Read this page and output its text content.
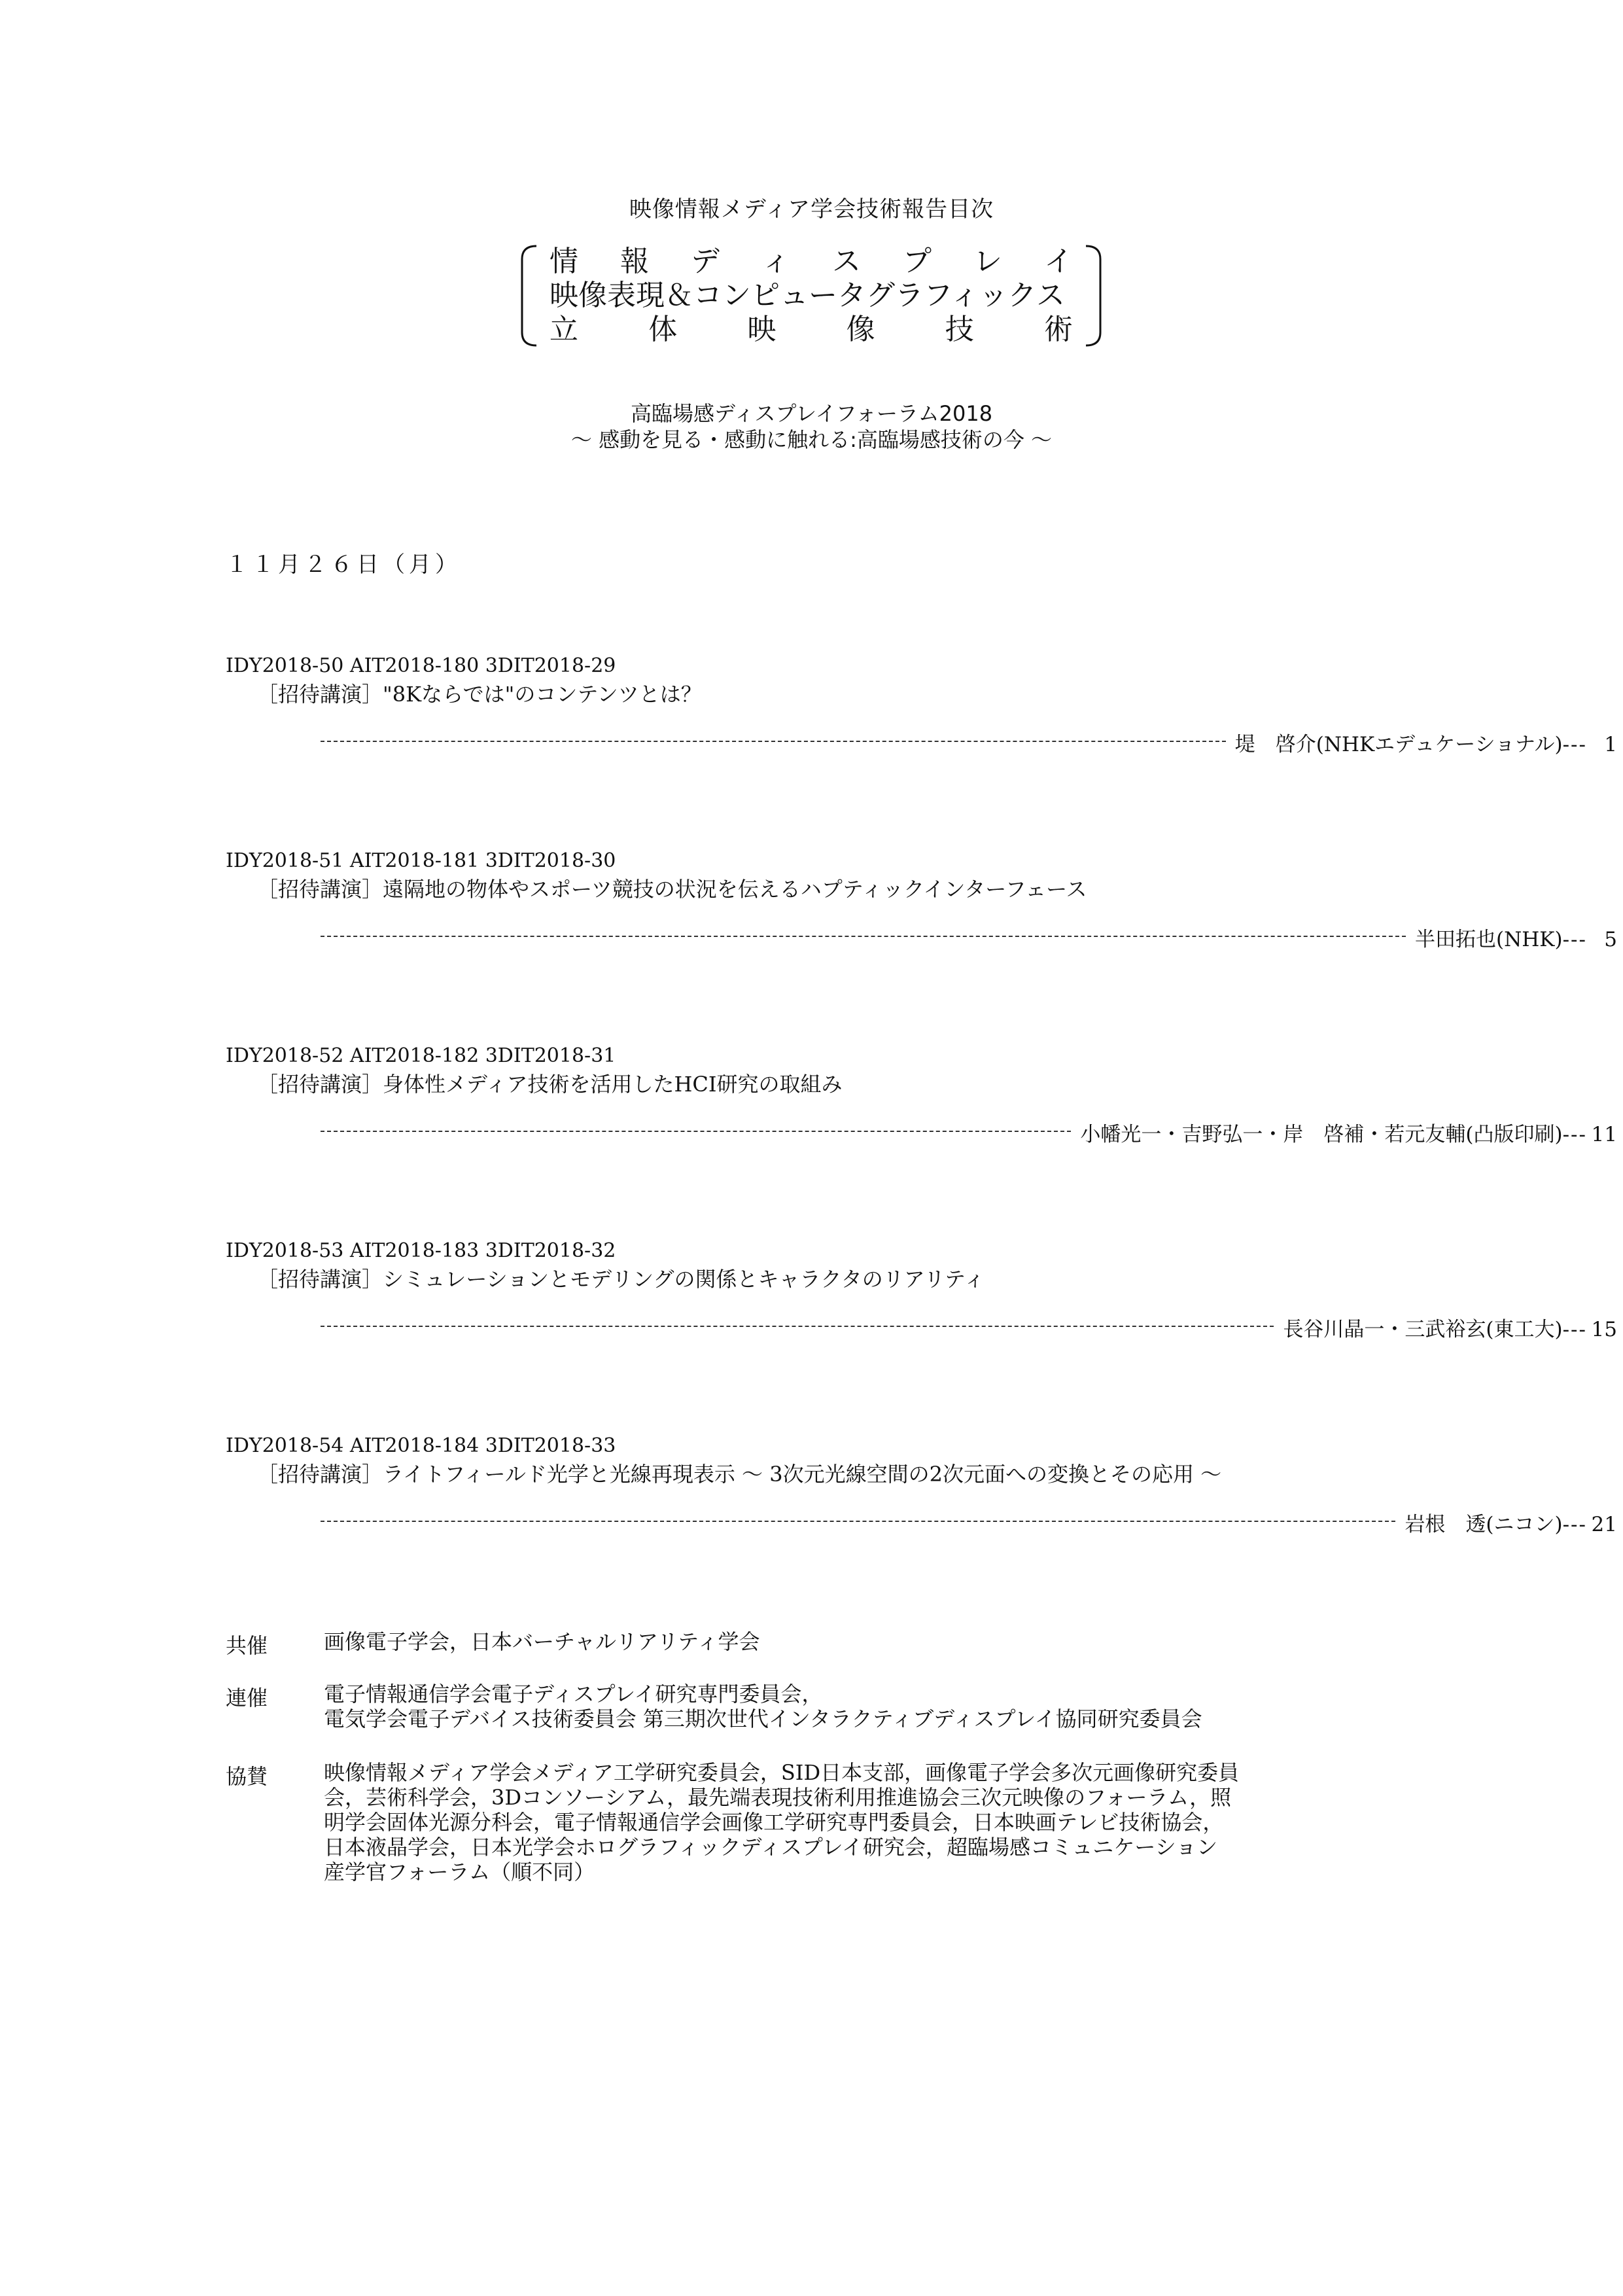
映像情報メディア学会技術報告目次
情 報 デ ィ ス プ レ イ
映像表現＆コンピュータグラフィックス
立 体 映 像 技 術
高臨場感ディスプレイフォーラム2018
〜 感動を見る・感動に触れる:高臨場感技術の今 〜
１１月２６日（月）
IDY2018-50 AIT2018-180 3DIT2018-29
［招待講演］"8Kならでは"のコンテンツとは？
堤　啓介(NHKエデュケーショナル) --- 1
IDY2018-51 AIT2018-181 3DIT2018-30
［招待講演］遠隔地の物体やスポーツ競技の状況を伝えるハプティックインターフェース
半田拓也(NHK) --- 5
IDY2018-52 AIT2018-182 3DIT2018-31
［招待講演］身体性メディア技術を活用したHCI研究の取組み
小幡光一・吉野弘一・岸　啓補・若元友輔(凸版印刷) --- 11
IDY2018-53 AIT2018-183 3DIT2018-32
［招待講演］シミュレーションとモデリングの関係とキャラクタのリアリティ
長谷川晶一・三武裕玄(東工大) --- 15
IDY2018-54 AIT2018-184 3DIT2018-33
［招待講演］ライトフィールド光学と光線再現表示 〜 3次元光線空間の2次元面への変換とその応用 〜
岩根　透(ニコン) --- 21
共催	画像電子学会，日本バーチャルリアリティ学会
連催	電子情報通信学会電子ディスプレイ研究専門委員会，
電気学会電子デバイス技術委員会 第三期次世代インタラクティブディスプレイ協同研究委員会
協賛	映像情報メディア学会メディア工学研究委員会，SID日本支部，画像電子学会多次元画像研究委員
会，芸術科学会，3Dコンソーシアム，最先端表現技術利用推進協会三次元映像のフォーラム，照
明学会固体光源分科会，電子情報通信学会画像工学研究専門委員会，日本映画テレビ技術協会，
日本液晶学会，日本光学会ホログラフィックディスプレイ研究会，超臨場感コミュニケーション
産学官フォーラム（順不同）
